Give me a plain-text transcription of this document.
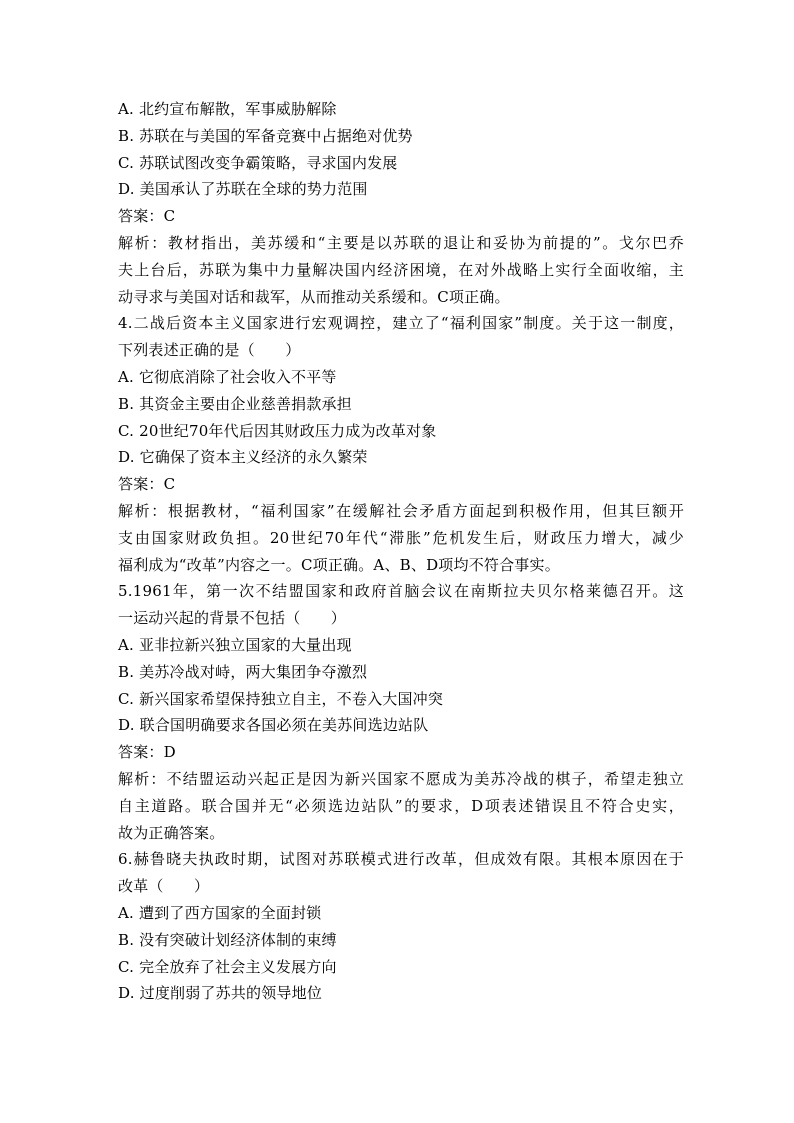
A. 北约宣布解散，军事威胁解除
B. 苏联在与美国的军备竞赛中占据绝对优势
C. 苏联试图改变争霸策略，寻求国内发展
D. 美国承认了苏联在全球的势力范围
答案：C
解析：教材指出，美苏缓和“主要是以苏联的退让和妥协为前提的”。戈尔巴乔
夫上台后，苏联为集中力量解决国内经济困境，在对外战略上实行全面收缩，主
动寻求与美国对话和裁军，从而推动关系缓和。C项正确。
4.二战后资本主义国家进行宏观调控，建立了“福利国家”制度。关于这一制度，
下列表述正确的是（　　）
A. 它彻底消除了社会收入不平等
B. 其资金主要由企业慈善捐款承担
C. 20世纪70年代后因其财政压力成为改革对象
D. 它确保了资本主义经济的永久繁荣
答案：C
解析：根据教材，“福利国家”在缓解社会矛盾方面起到积极作用，但其巨额开
支由国家财政负担。20世纪70年代“滞胀”危机发生后，财政压力增大，减少
福利成为“改革”内容之一。C项正确。A、B、D项均不符合事实。
5.1961年，第一次不结盟国家和政府首脑会议在南斯拉夫贝尔格莱德召开。这
一运动兴起的背景不包括（　　）
A. 亚非拉新兴独立国家的大量出现
B. 美苏冷战对峙，两大集团争夺激烈
C. 新兴国家希望保持独立自主，不卷入大国冲突
D. 联合国明确要求各国必须在美苏间选边站队
答案：D
解析：不结盟运动兴起正是因为新兴国家不愿成为美苏冷战的棋子，希望走独立
自主道路。联合国并无“必须选边站队”的要求，D项表述错误且不符合史实，
故为正确答案。
6.赫鲁晓夫执政时期，试图对苏联模式进行改革，但成效有限。其根本原因在于
改革（　　）
A. 遭到了西方国家的全面封锁
B. 没有突破计划经济体制的束缚
C. 完全放弃了社会主义发展方向
D. 过度削弱了苏共的领导地位
